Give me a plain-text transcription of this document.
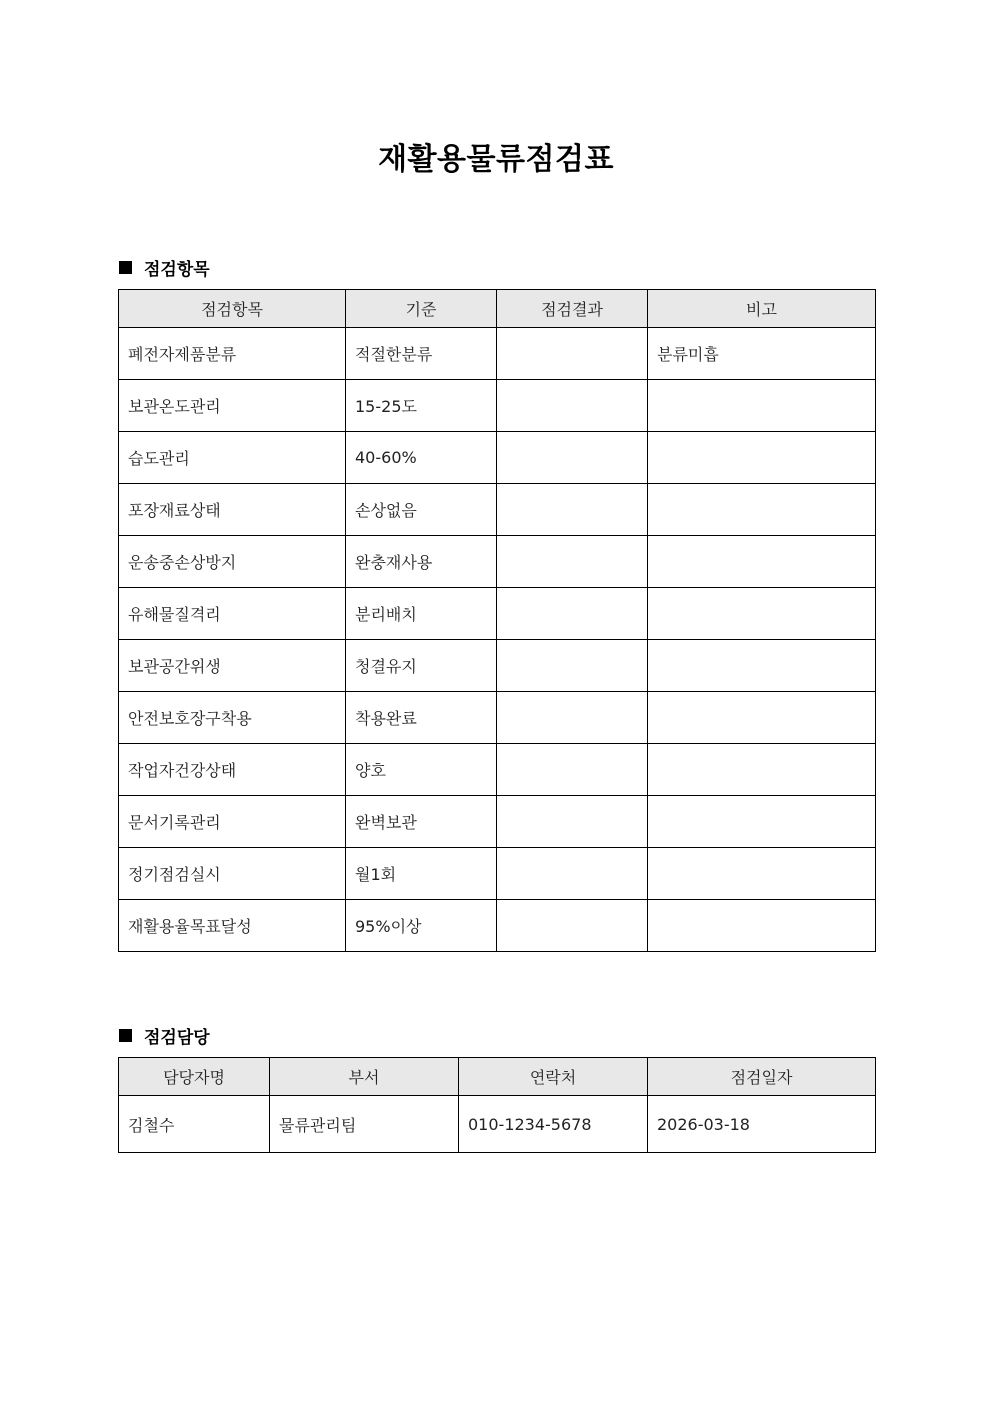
재활용물류점검표
점검항목
점검항목	기준	점검결과	비고
폐전자제품분류	적절한분류		분류미흡
보관온도관리	15-25도		
습도관리	40-60%		
포장재료상태	손상없음		
운송중손상방지	완충재사용		
유해물질격리	분리배치		
보관공간위생	청결유지		
안전보호장구착용	착용완료		
작업자건강상태	양호		
문서기록관리	완벽보관		
정기점검실시	월1회		
재활용율목표달성	95%이상		
점검담당
담당자명	부서	연락처	점검일자
김철수	물류관리팀	010-1234-5678	2026-03-18
